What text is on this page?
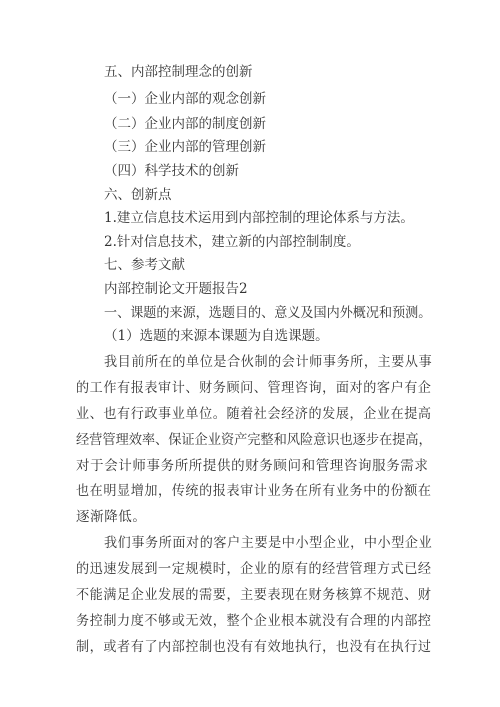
五、内部控制理念的创新
（一）企业内部的观念创新
（二）企业内部的制度创新
（三）企业内部的管理创新
（四）科学技术的创新
六、创新点
1.建立信息技术运用到内部控制的理论体系与方法。
2.针对信息技术，建立新的内部控制制度。
七、参考文献
内部控制论文开题报告2
一、课题的来源，选题目的、意义及国内外概况和预测。
（1）选题的来源本课题为自选课题。
我目前所在的单位是合伙制的会计师事务所，主要从事
的工作有报表审计、财务顾问、管理咨询，面对的客户有企
业、也有行政事业单位。随着社会经济的发展，企业在提高
经营管理效率、保证企业资产完整和风险意识也逐步在提高，
对于会计师事务所所提供的财务顾问和管理咨询服务需求
也在明显增加，传统的报表审计业务在所有业务中的份额在
逐渐降低。
我们事务所面对的客户主要是中小型企业，中小型企业
的迅速发展到一定规模时，企业的原有的经营管理方式已经
不能满足企业发展的需要，主要表现在财务核算不规范、财
务控制力度不够或无效，整个企业根本就没有合理的内部控
制，或者有了内部控制也没有有效地执行，也没有在执行过
